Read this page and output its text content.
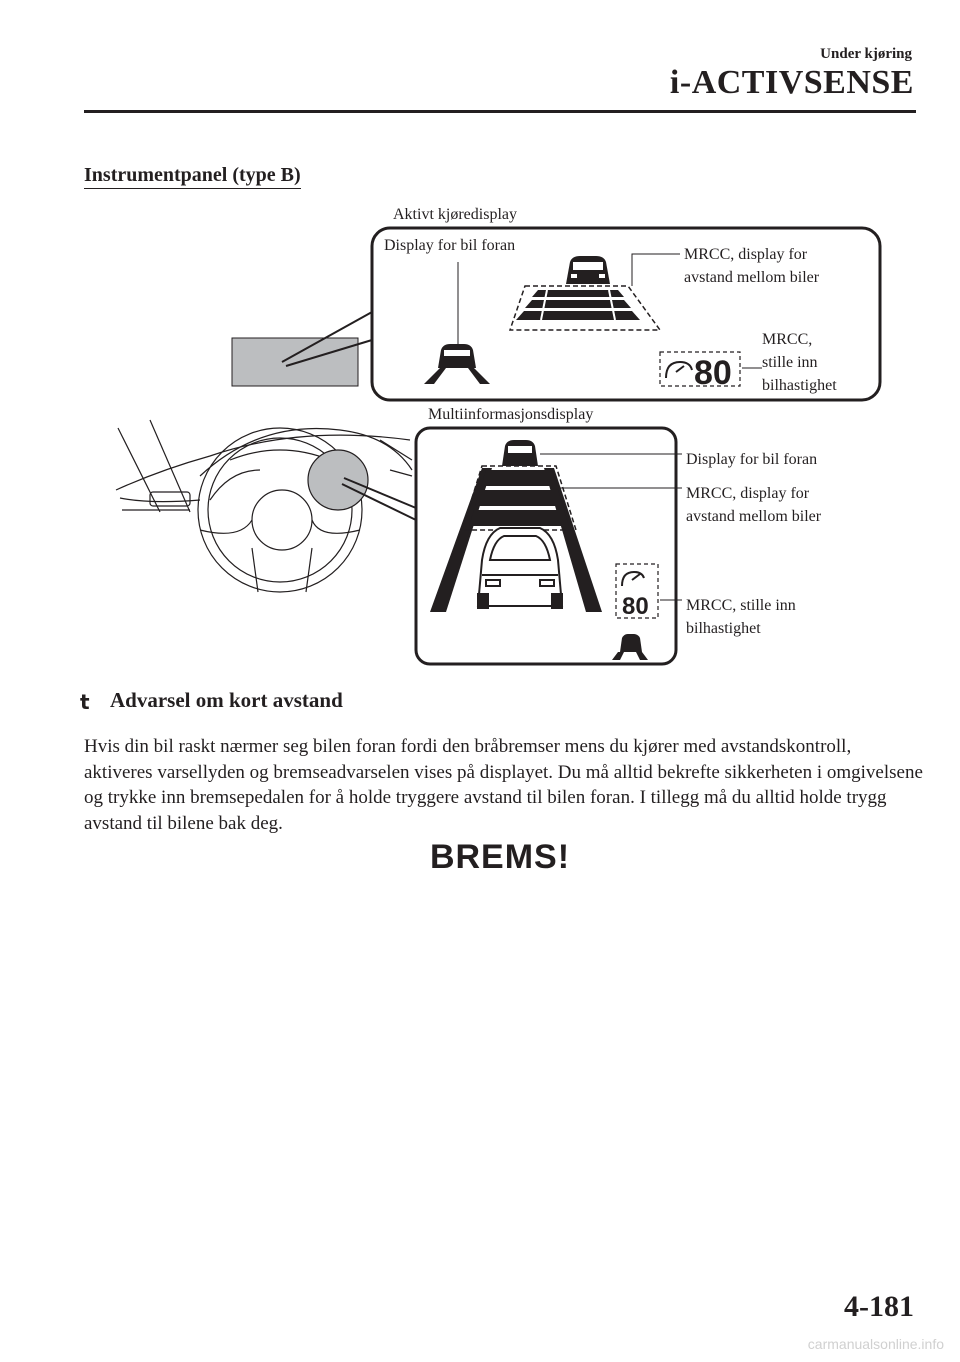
Under kjøring
i-ACTIVSENSE
Instrumentpanel (type B)
80
80
Aktivt kjøredisplay
Display for bil foran
MRCC, display for
avstand mellom biler
MRCC,
stille inn
bilhastighet
Multiinformasjonsdisplay
Display for bil foran
MRCC, display for
avstand mellom biler
MRCC, stille inn
bilhastighet
t Advarsel om kort avstand
Hvis din bil raskt nærmer seg bilen foran fordi den bråbremser mens du kjører med avstandskontroll, aktiveres varsellyden og bremseadvarselen vises på displayet. Du må alltid bekrefte sikkerheten i omgivelsene og trykke inn bremsepedalen for å holde tryggere avstand til bilen foran. I tillegg må du alltid holde trygg avstand til bilene bak deg.
BREMS!
4-181
carmanualsonline.info
